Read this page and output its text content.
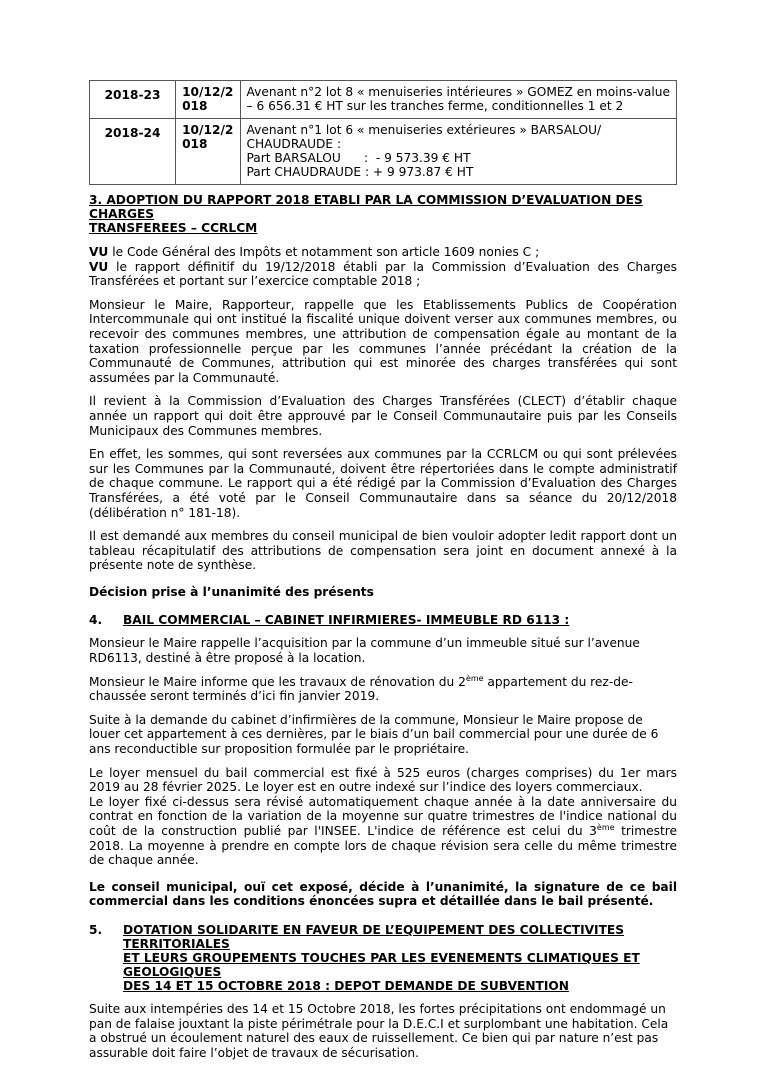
2018-23	10/12/2018	Avenant n°2 lot 8 « menuiseries intérieures » GOMEZ en moins-value
– 6 656.31 € HT sur les tranches ferme, conditionnelles 1 et 2

2018-24	10/12/2018	Avenant n°1 lot 6 « menuiseries extérieures » BARSALOU/
CHAUDRAUDE :
Part BARSALOU      :  - 9 573.39 € HT
Part CHAUDRAUDE : + 9 973.87 € HT
3. ADOPTION DU RAPPORT 2018 ETABLI PAR LA COMMISSION D’EVALUATION DES CHARGES
TRANSFEREES – CCRLCM

VU le Code Général des Impôts et notamment son article 1609 nonies C ;

VU le rapport définitif du 19/12/2018 établi par la Commission d’Evaluation des Charges Transférées et portant sur l’exercice comptable 2018 ;

Monsieur le Maire, Rapporteur, rappelle que les Etablissements Publics de Coopération Intercommunale qui ont institué la fiscalité unique doivent verser aux communes membres, ou recevoir des communes membres, une attribution de compensation égale au montant de la taxation professionnelle perçue par les communes l’année précédant la création de la Communauté de Communes, attribution qui est minorée des charges transférées qui sont assumées par la Communauté.

Il revient à la Commission d’Evaluation des Charges Transférées (CLECT) d’établir chaque année un rapport qui doit être approuvé par le Conseil Communautaire puis par les Conseils Municipaux des Communes membres.

En effet, les sommes, qui sont reversées aux communes par la CCRLCM ou qui sont prélevées sur les Communes par la Communauté, doivent être répertoriées dans le compte administratif de chaque commune. Le rapport qui a été rédigé par la Commission d’Evaluation des Charges Transférées, a été voté par le Conseil Communautaire dans sa séance du 20/12/2018 (délibération n° 181-18).

Il est demandé aux membres du conseil municipal de bien vouloir adopter ledit rapport dont un tableau récapitulatif des attributions de compensation sera joint en document annexé à la présente note de synthèse.

Décision prise à l’unanimité des présents

4.	BAIL COMMERCIAL – CABINET INFIRMIERES- IMMEUBLE RD 6113 :

Monsieur le Maire rappelle l’acquisition par la commune d’un immeuble situé sur l’avenue RD6113, destiné à être proposé à la location.

Monsieur le Maire informe que les travaux de rénovation du 2ème appartement du rez-de-chaussée seront terminés d’ici fin janvier 2019.

Suite à la demande du cabinet d’infirmières de la commune, Monsieur le Maire propose de louer cet appartement à ces dernières, par le biais d’un bail commercial pour une durée de 6 ans reconductible sur proposition formulée par le propriétaire.

Le loyer mensuel du bail commercial est fixé à 525 euros (charges comprises) du 1er mars 2019 au 28 février 2025. Le loyer est en outre indexé sur l’indice des loyers commerciaux.

Le loyer fixé ci-dessus sera révisé automatiquement chaque année à la date anniversaire du contrat en fonction de la variation de la moyenne sur quatre trimestres de l'indice national du coût de la construction publié par l'INSEE. L'indice de référence est celui du 3ème trimestre 2018. La moyenne à prendre en compte lors de chaque révision sera celle du même trimestre de chaque année.

Le conseil municipal, ouï cet exposé, décide à l’unanimité, la signature de ce bail commercial dans les conditions énoncées supra et détaillée dans le bail présenté.

5.	DOTATION SOLIDARITE EN FAVEUR DE L’EQUIPEMENT DES COLLECTIVITES TERRITORIALES
ET LEURS GROUPEMENTS TOUCHES PAR LES EVENEMENTS CLIMATIQUES ET GEOLOGIQUES
DES 14 ET 15 OCTOBRE 2018 : DEPOT DEMANDE DE SUBVENTION

Suite aux intempéries des 14 et 15 Octobre 2018, les fortes précipitations ont endommagé un pan de falaise jouxtant la piste périmétrale pour la D.E.C.I et surplombant une habitation. Cela a obstrué un écoulement naturel des eaux de ruissellement. Ce bien qui par nature n’est pas assurable doit faire l’objet de travaux de sécurisation.
